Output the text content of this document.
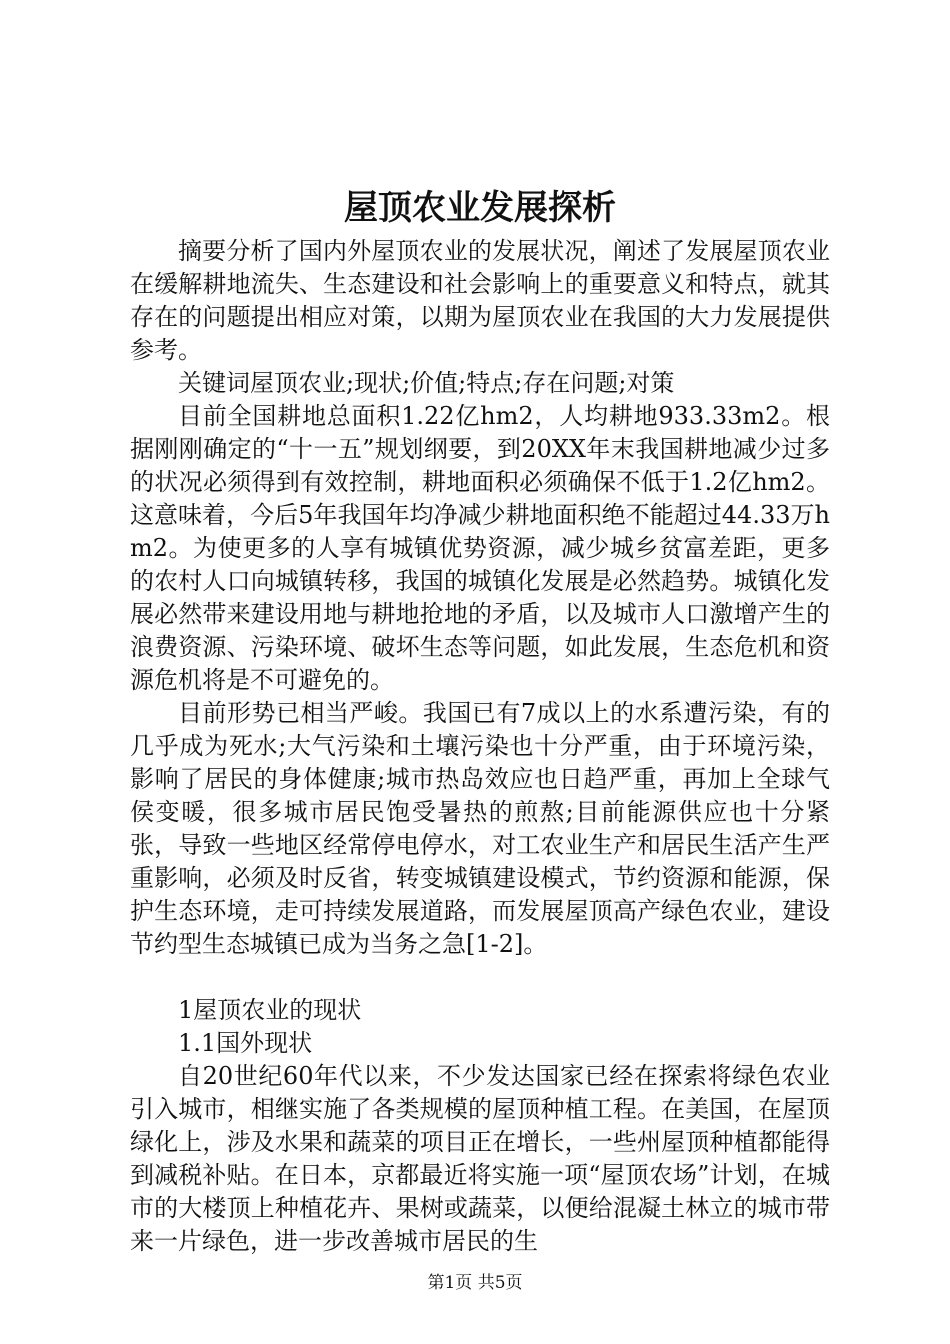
屋顶农业发展探析

摘要分析了国内外屋顶农业的发展状况，阐述了发展屋顶农业在缓解耕地流失、生态建设和社会影响上的重要意义和特点，就其存在的问题提出相应对策，以期为屋顶农业在我国的大力发展提供参考。

关键词屋顶农业;现状;价值;特点;存在问题;对策

目前全国耕地总面积1.22亿hm2，人均耕地933.33m2。根据刚刚确定的“十一五”规划纲要，到20XX年末我国耕地减少过多的状况必须得到有效控制，耕地面积必须确保不低于1.2亿hm2。这意味着，今后5年我国年均净减少耕地面积绝不能超过44.33万hm2。为使更多的人享有城镇优势资源，减少城乡贫富差距，更多的农村人口向城镇转移，我国的城镇化发展是必然趋势。城镇化发展必然带来建设用地与耕地抢地的矛盾，以及城市人口激增产生的浪费资源、污染环境、破坏生态等问题，如此发展，生态危机和资源危机将是不可避免的。

目前形势已相当严峻。我国已有7成以上的水系遭污染，有的几乎成为死水;大气污染和土壤污染也十分严重，由于环境污染，影响了居民的身体健康;城市热岛效应也日趋严重，再加上全球气侯变暖，很多城市居民饱受暑热的煎熬;目前能源供应也十分紧张，导致一些地区经常停电停水，对工农业生产和居民生活产生严重影响，必须及时反省，转变城镇建设模式，节约资源和能源，保护生态环境，走可持续发展道路，而发展屋顶高产绿色农业，建设节约型生态城镇已成为当务之急[1-2]。

1屋顶农业的现状

1.1国外现状

自20世纪60年代以来，不少发达国家已经在探索将绿色农业引入城市，相继实施了各类规模的屋顶种植工程。在美国，在屋顶绿化上，涉及水果和蔬菜的项目正在增长，一些州屋顶种植都能得到减税补贴。在日本，京都最近将实施一项“屋顶农场”计划，在城市的大楼顶上种植花卉、果树或蔬菜，以便给混凝土林立的城市带来一片绿色，进一步改善城市居民的生

第1页 共5页
